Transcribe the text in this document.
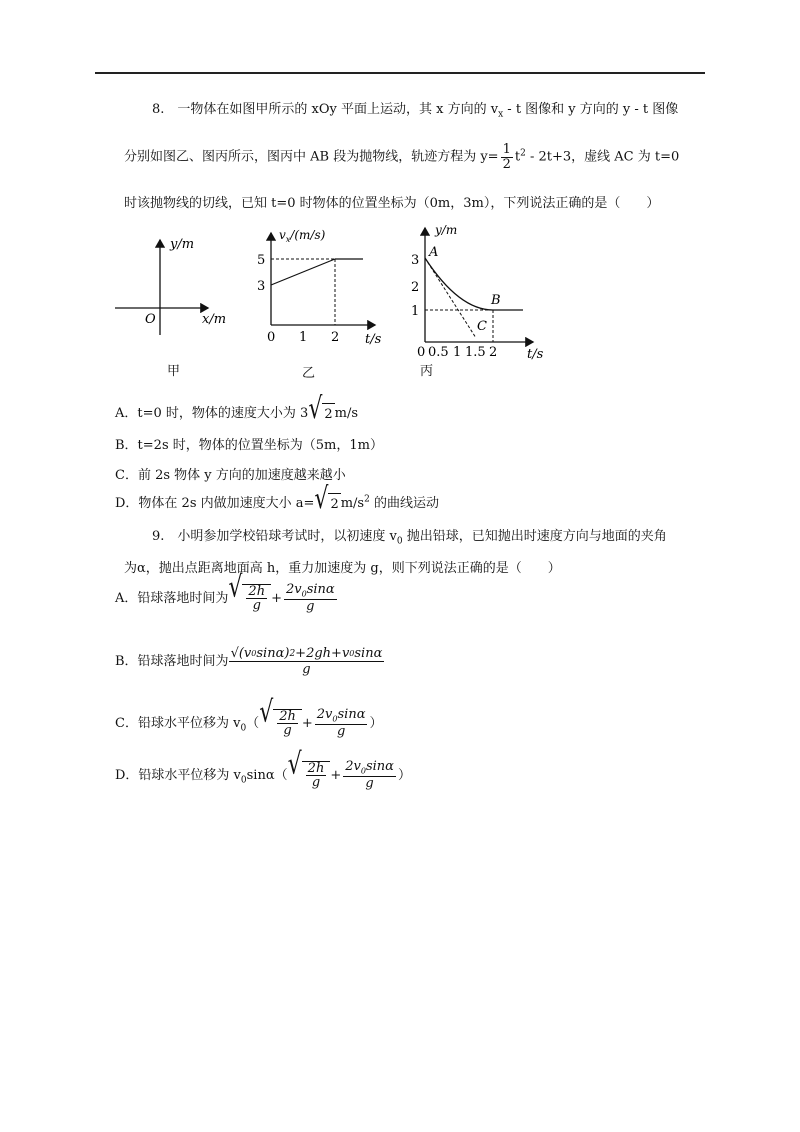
8.　一物体在如图甲所示的 xOy 平面上运动，其 x 方向的 $v_x$ - t 图像和 y 方向的 y - t 图像
分别如图乙、图丙所示，图丙中 AB 段为抛物线，轨迹方程为 $y= \frac{1}{2} t^2 - 2t+3$，虚线 AC 为 t=0
时该抛物线的切线，已知 t=0 时物体的位置坐标为（0m，3m），下列说法正确的是（　　）
y/m
x/m
O
甲
$v_x/(m/s)$
5
3
0 1 2 t/s
乙
y/m
A
B
C
3
2
1
0 0.5 1 1.5 2 t/s
丙
A．t=0 时，物体的速度大小为 3 √ 2 m/s
B．t=2s 时，物体的位置坐标为（5m，1m）
C．前 2s 物体 y 方向的加速度越来越小
D．物体在 2s 内做加速度大小 a= √ 2 $m/s^2$ 的曲线运动
9.　小明参加学校铅球考试时，以初速度 $v_0$ 抛出铅球，已知抛出时速度方向与地面的夹角
为α，抛出点距离地面高 h，重力加速度为 g，则下列说法正确的是（　　）
A．铅球落地时间为 √ $\frac{2h}{g} + \frac{2v_0\sin\alpha}{g}$
B．铅球落地时间为 $\frac{√( v 0 \sin\alpha ) 2 +2gh + v 0 \sin\alpha}{g}$
C．铅球水平位移为 $v_0$（ √ $\frac{2h}{g} + \frac{2v_0\sin\alpha}{g}$ ）
D．铅球水平位移为 $v_0\sin\alpha$（ √ $\frac{2h}{g} + \frac{2v_0\sin\alpha}{g}$ ）
